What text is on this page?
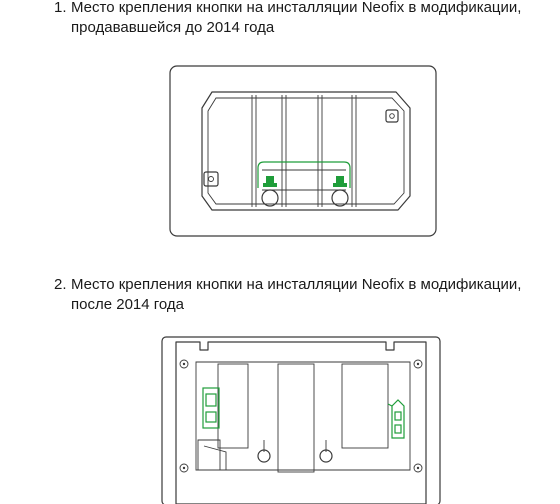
1. Место крепления кнопки на инсталляции Neofix в модификации,
продававшейся до 2014 года
2. Место крепления кнопки на инсталляции Neofix в модификации,
после 2014 года
